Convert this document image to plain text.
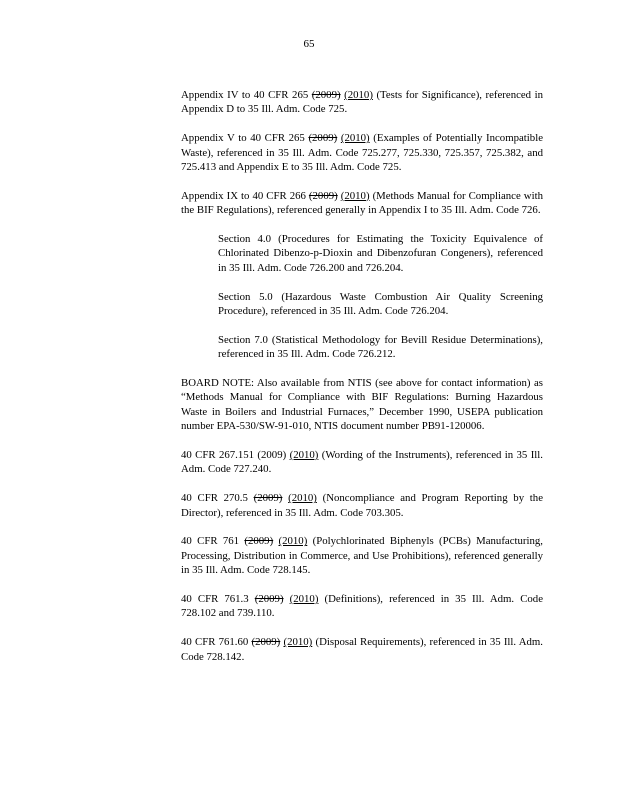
65

Appendix IV to 40 CFR 265 (2009) (2010) (Tests for Significance), referenced in Appendix D to 35 Ill. Adm. Code 725.

Appendix V to 40 CFR 265 (2009) (2010) (Examples of Potentially Incompatible Waste), referenced in 35 Ill. Adm. Code 725.277, 725.330, 725.357, 725.382, and 725.413 and Appendix E to 35 Ill. Adm. Code 725.

Appendix IX to 40 CFR 266 (2009) (2010) (Methods Manual for Compliance with the BIF Regulations), referenced generally in Appendix I to 35 Ill. Adm. Code 726.

Section 4.0 (Procedures for Estimating the Toxicity Equivalence of Chlorinated Dibenzo-p-Dioxin and Dibenzofuran Congeners), referenced in 35 Ill. Adm. Code 726.200 and 726.204.

Section 5.0 (Hazardous Waste Combustion Air Quality Screening Procedure), referenced in 35 Ill. Adm. Code 726.204.

Section 7.0 (Statistical Methodology for Bevill Residue Determinations), referenced in 35 Ill. Adm. Code 726.212.

BOARD NOTE: Also available from NTIS (see above for contact information) as “Methods Manual for Compliance with BIF Regulations: Burning Hazardous Waste in Boilers and Industrial Furnaces,” December 1990, USEPA publication number EPA-530/SW-91-010, NTIS document number PB91-120006.

40 CFR 267.151 (2009) (2010) (Wording of the Instruments), referenced in 35 Ill. Adm. Code 727.240.

40 CFR 270.5 (2009) (2010) (Noncompliance and Program Reporting by the Director), referenced in 35 Ill. Adm. Code 703.305.

40 CFR 761 (2009) (2010) (Polychlorinated Biphenyls (PCBs) Manufacturing, Processing, Distribution in Commerce, and Use Prohibitions), referenced generally in 35 Ill. Adm. Code 728.145.

40 CFR 761.3 (2009) (2010) (Definitions), referenced in 35 Ill. Adm. Code 728.102 and 739.110.

40 CFR 761.60 (2009) (2010) (Disposal Requirements), referenced in 35 Ill. Adm. Code 728.142.
